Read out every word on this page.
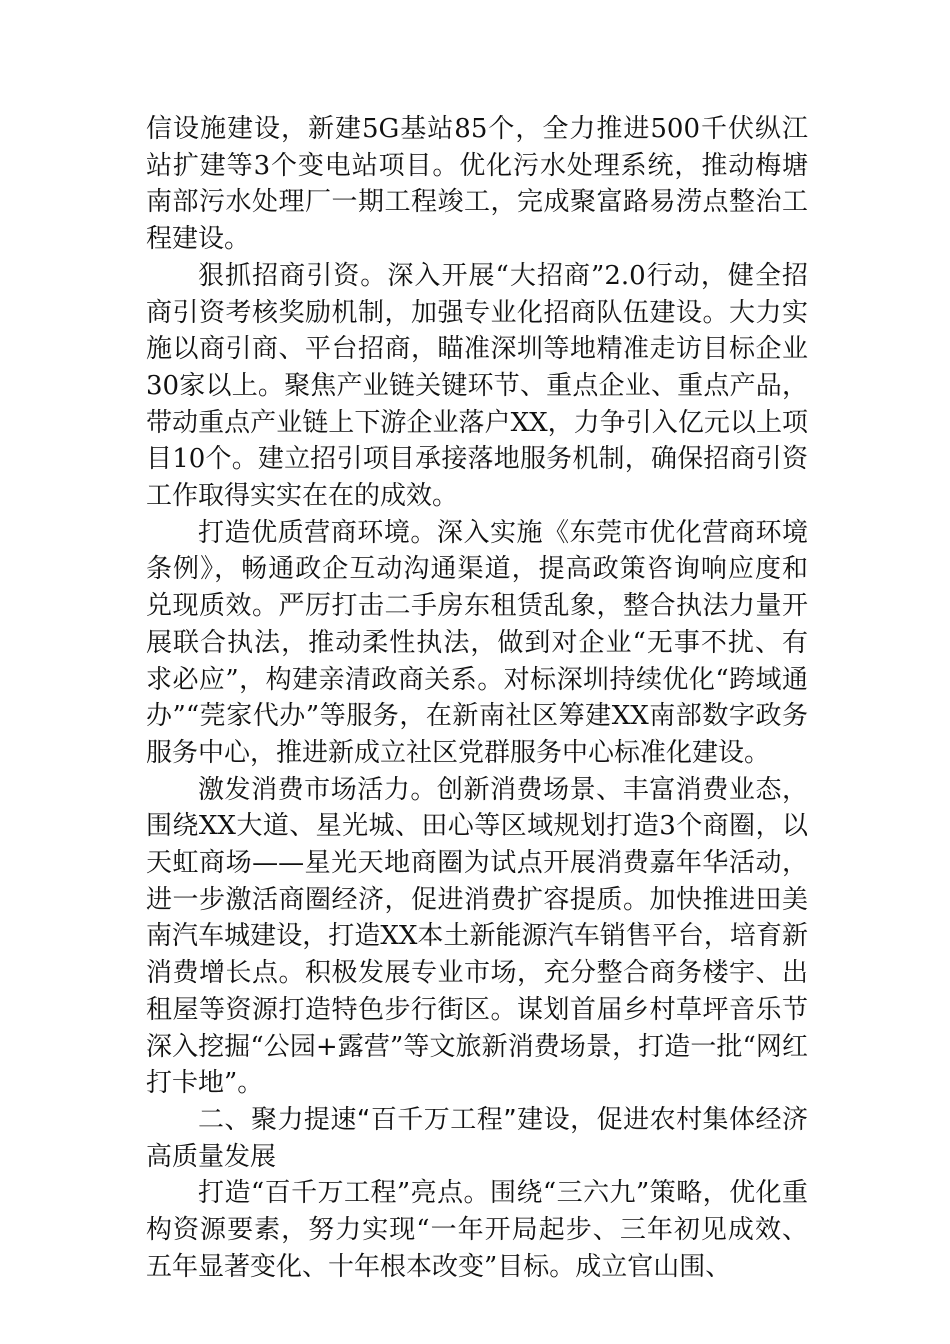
信设施建设，新建5G基站85个，全力推进500千伏纵江站扩建等3个变电站项目。优化污水处理系统，推动梅塘南部污水处理厂一期工程竣工，完成聚富路易涝点整治工程建设。

狠抓招商引资。深入开展“大招商”2.0行动，健全招商引资考核奖励机制，加强专业化招商队伍建设。大力实施以商引商、平台招商，瞄准深圳等地精准走访目标企业30家以上。聚焦产业链关键环节、重点企业、重点产品，带动重点产业链上下游企业落户XX，力争引入亿元以上项目10个。建立招引项目承接落地服务机制，确保招商引资工作取得实实在在的成效。

打造优质营商环境。深入实施《东莞市优化营商环境条例》，畅通政企互动沟通渠道，提高政策咨询响应度和兑现质效。严厉打击二手房东租赁乱象，整合执法力量开展联合执法，推动柔性执法，做到对企业“无事不扰、有求必应”，构建亲清政商关系。对标深圳持续优化“跨域通办”“莞家代办”等服务，在新南社区筹建XX南部数字政务服务中心，推进新成立社区党群服务中心标准化建设。

激发消费市场活力。创新消费场景、丰富消费业态，围绕XX大道、星光城、田心等区域规划打造3个商圈，以天虹商场——星光天地商圈为试点开展消费嘉年华活动，进一步激活商圈经济，促进消费扩容提质。加快推进田美南汽车城建设，打造XX本土新能源汽车销售平台，培育新消费增长点。积极发展专业市场，充分整合商务楼宇、出租屋等资源打造特色步行街区。谋划首届乡村草坪音乐节深入挖掘“公园+露营”等文旅新消费场景，打造一批“网红打卡地”。

二、聚力提速“百千万工程”建设，促进农村集体经济高质量发展

打造“百千万工程”亮点。围绕“三六九”策略，优化重构资源要素，努力实现“一年开局起步、三年初见成效、五年显著变化、十年根本改变”目标。成立官山围、
